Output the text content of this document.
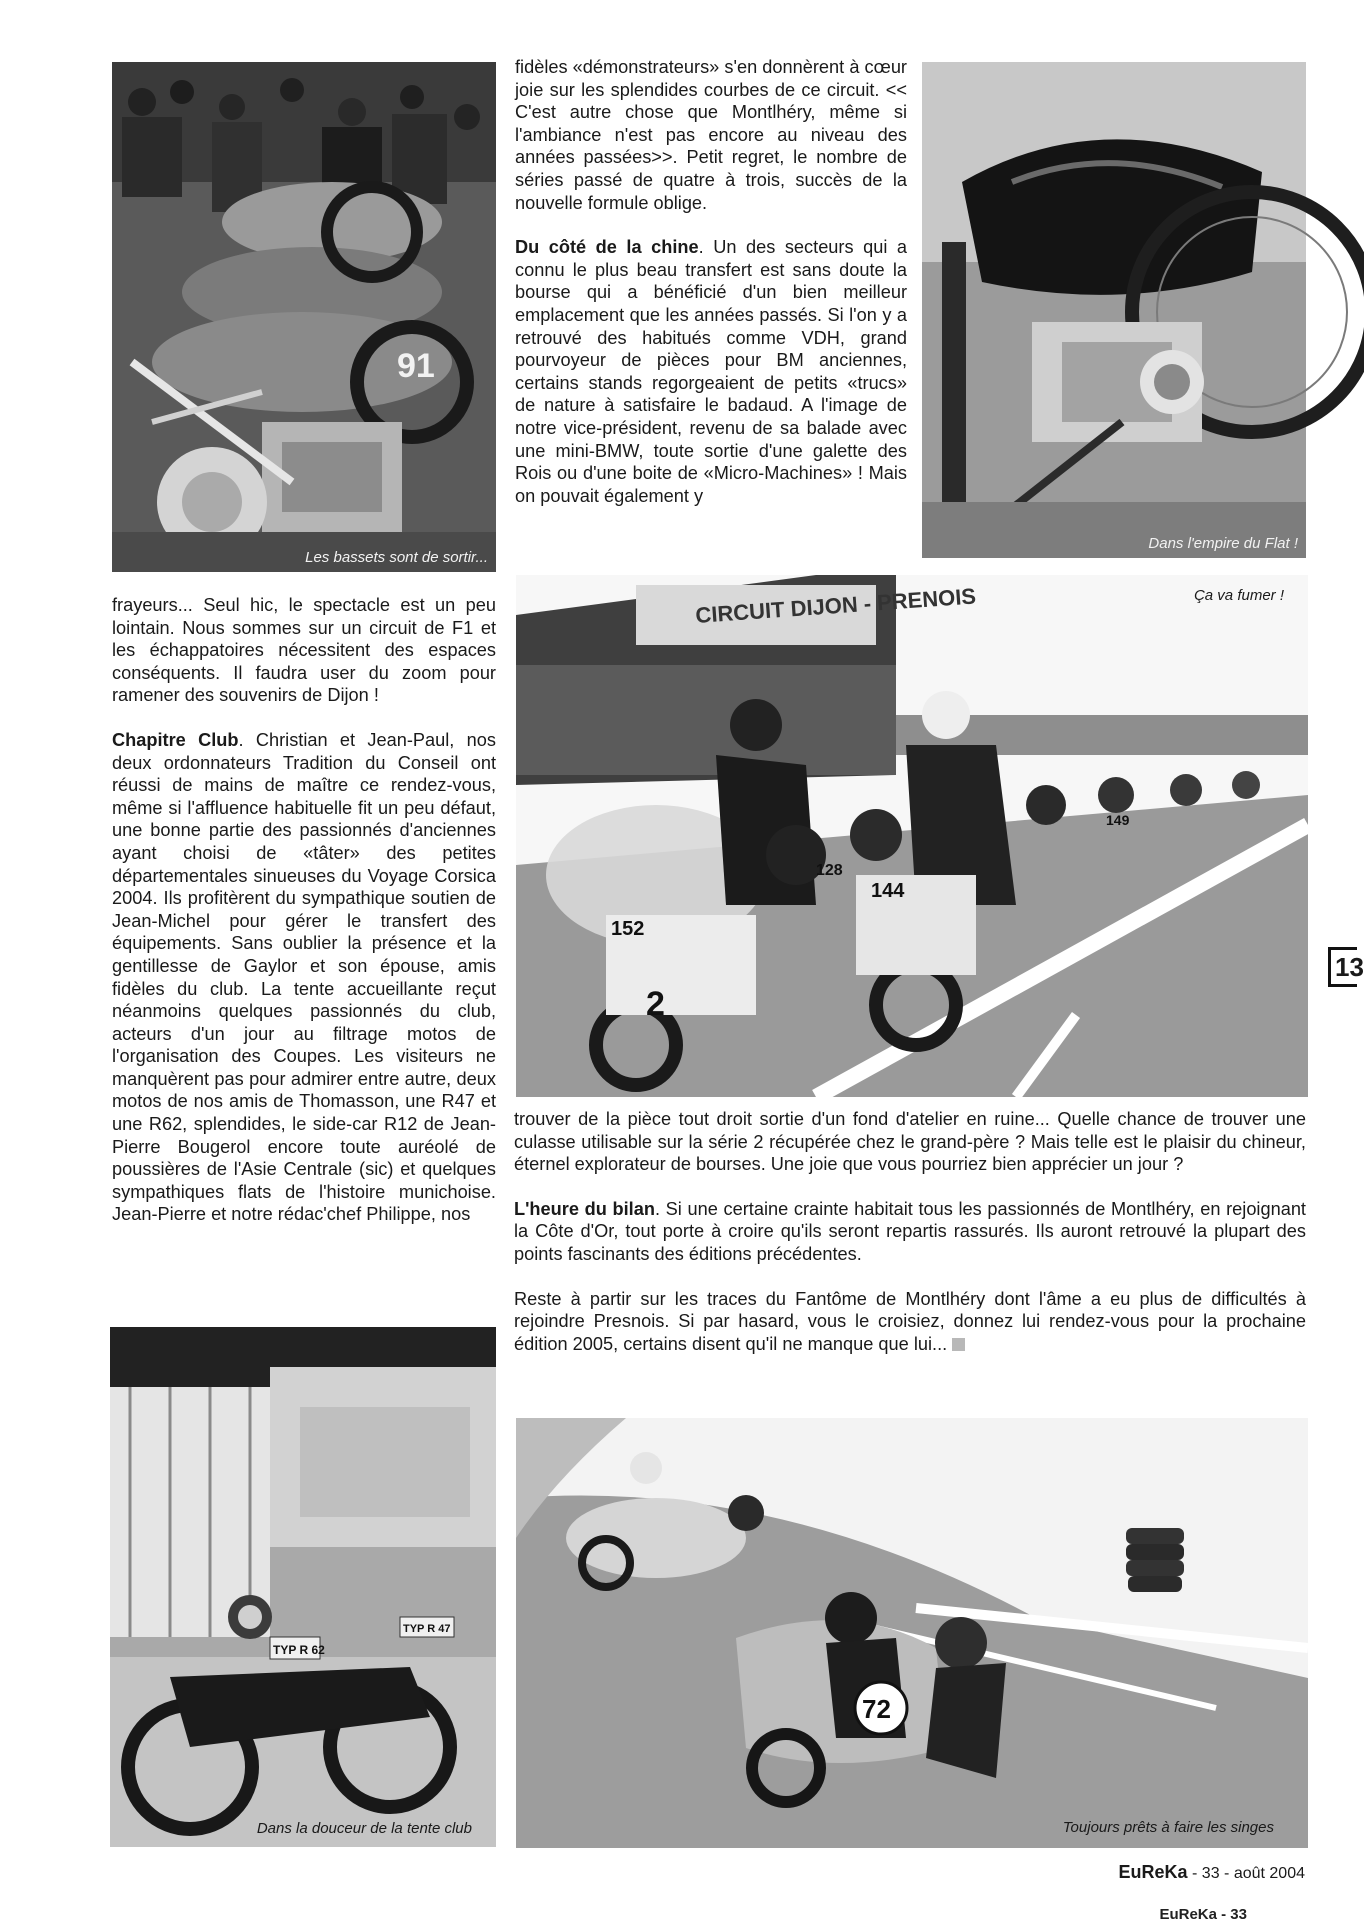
91
Les bassets sont de sortir...
Dans l'empire du Flat !
CIRCUIT DIJON - PRENOIS
152
2
144
128
149
Ça va fumer !
TYP R 62
TYP R 47
Dans la douceur de la tente club
72
Toujours prêts à faire les singes

fidèles «démonstrateurs» s'en donnèrent à cœur joie sur les splendides courbes de ce circuit. << C'est autre chose que Montlhéry, même si l'ambiance n'est pas encore au niveau des années passées>>. Petit regret, le nombre de séries passé de quatre à trois, succès de la nouvelle formule oblige.

Du côté de la chine. Un des secteurs qui a connu le plus beau transfert est sans doute la bourse qui a bénéficié d'un bien meilleur emplacement que les années passés. Si l'on y a retrouvé des habitués comme VDH, grand pourvoyeur de pièces pour BM anciennes, certains stands regorgeaient de petits «trucs» de nature à satisfaire le badaud. A l'image de notre vice-président, revenu de sa balade avec une mini-BMW, toute sortie d'une galette des Rois ou d'une boite de «Micro-Machines» ! Mais on pouvait également y

frayeurs... Seul hic, le spectacle est un peu lointain. Nous sommes sur un circuit de F1 et les échappatoires nécessitent des espaces conséquents. Il faudra user du zoom pour ramener des souvenirs de Dijon !

Chapitre Club. Christian et Jean-Paul, nos deux ordonnateurs Tradition du Conseil ont réussi de mains de maître ce rendez-vous, même si l'affluence habituelle fit un peu défaut, une bonne partie des passionnés d'anciennes ayant choisi de «tâter» des petites départementales sinueuses du Voyage Corsica 2004. Ils profitèrent du sympathique soutien de Jean-Michel pour gérer le transfert des équipements. Sans oublier la présence et la gentillesse de Gaylor et son épouse, amis fidèles du club. La tente accueillante reçut néanmoins quelques passionnés du club, acteurs d'un jour au filtrage motos de l'organisation des Coupes. Les visiteurs ne manquèrent pas pour admirer entre autre, deux motos de nos amis de Thomasson, une R47 et une R62, splendides, le side-car R12 de Jean-Pierre Bougerol encore toute auréolé de poussières de l'Asie Centrale (sic) et quelques sympathiques flats de l'histoire munichoise. Jean-Pierre et notre rédac'chef Philippe, nos

trouver de la pièce tout droit sortie d'un fond d'atelier en ruine... Quelle chance de trouver une culasse utilisable sur la série 2 récupérée chez le grand-père ? Mais telle est le plaisir du chineur, éternel explorateur de bourses. Une joie que vous pourriez bien apprécier un jour ?

L'heure du bilan. Si une certaine crainte habitait tous les passionnés de Montlhéry, en rejoignant la Côte d'Or, tout porte à croire qu'ils seront repartis rassurés. Ils auront retrouvé la plupart des points fascinants des éditions précédentes.

Reste à partir sur les traces du Fantôme de Montlhéry dont l'âme a eu plus de difficultés à rejoindre Presnois. Si par hasard, vous le croisiez, donnez lui rendez-vous pour la prochaine édition 2005, certains disent qu'il ne manque que lui...

13
EuReKa - 33 - août 2004
EuReKa - 33
